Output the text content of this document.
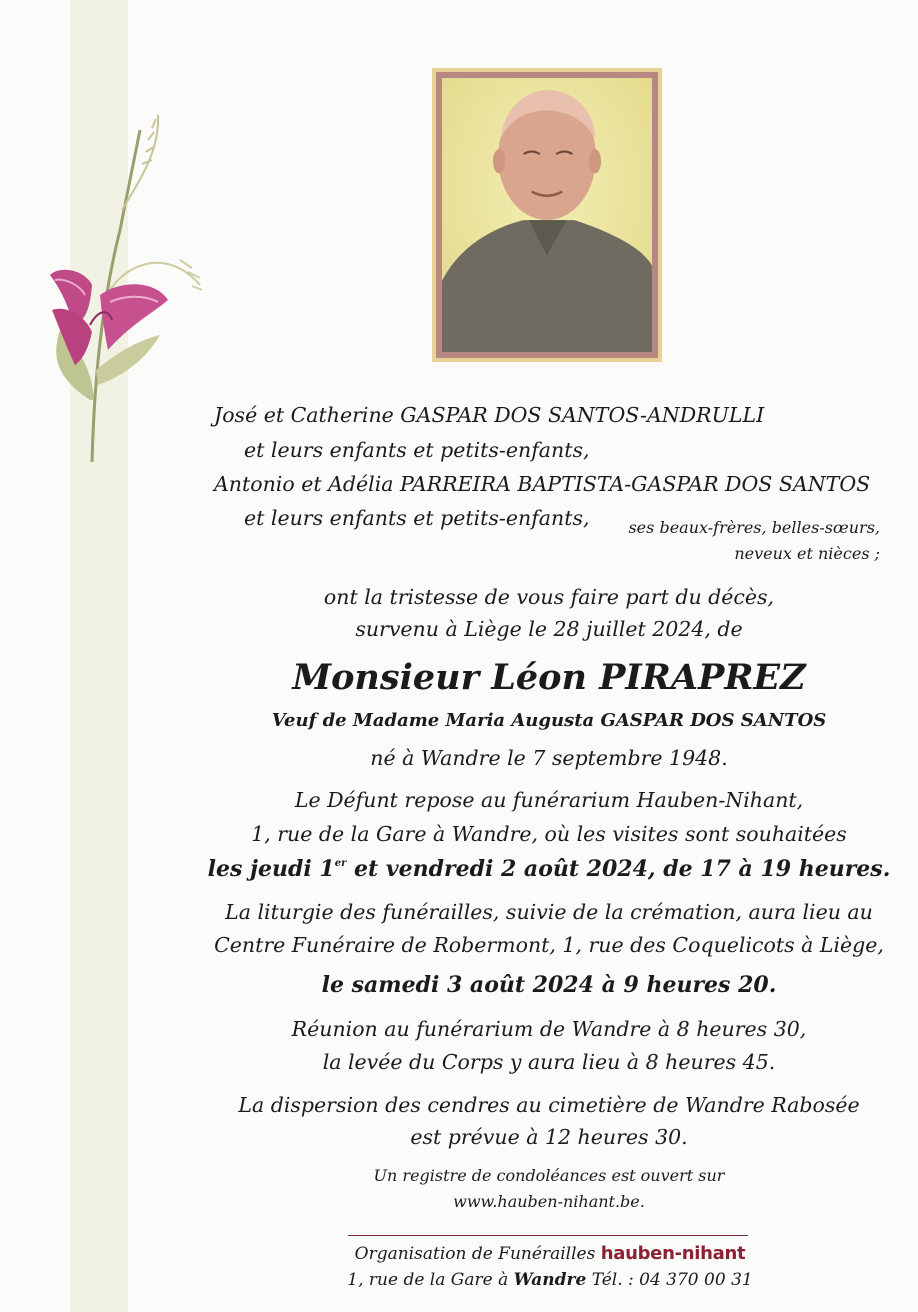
José et Catherine GASPAR DOS SANTOS-ANDRULLI
et leurs enfants et petits-enfants,
Antonio et Adélia PARREIRA BAPTISTA-GASPAR DOS SANTOS
et leurs enfants et petits-enfants,	ses beaux-frères, belles-sœurs,
neveux et nièces ;
ont la tristesse de vous faire part du décès,
survenu à Liège le 28 juillet 2024, de
Monsieur Léon PIRAPREZ
Veuf de Madame Maria Augusta GASPAR DOS SANTOS
né à Wandre le 7 septembre 1948.
Le Défunt repose au funérarium Hauben-Nihant,
1, rue de la Gare à Wandre, où les visites sont souhaitées
les jeudi 1er et vendredi 2 août 2024, de 17 à 19 heures.
La liturgie des funérailles, suivie de la crémation, aura lieu au
Centre Funéraire de Robermont, 1, rue des Coquelicots à Liège,
le samedi 3 août 2024 à 9 heures 20.
Réunion au funérarium de Wandre à 8 heures 30,
la levée du Corps y aura lieu à 8 heures 45.
La dispersion des cendres au cimetière de Wandre Rabosée
est prévue à 12 heures 30.
Un registre de condoléances est ouvert sur
www.hauben-nihant.be.
Organisation de Funérailles hauben-nihant
1, rue de la Gare à Wandre Tél. : 04 370 00 31
